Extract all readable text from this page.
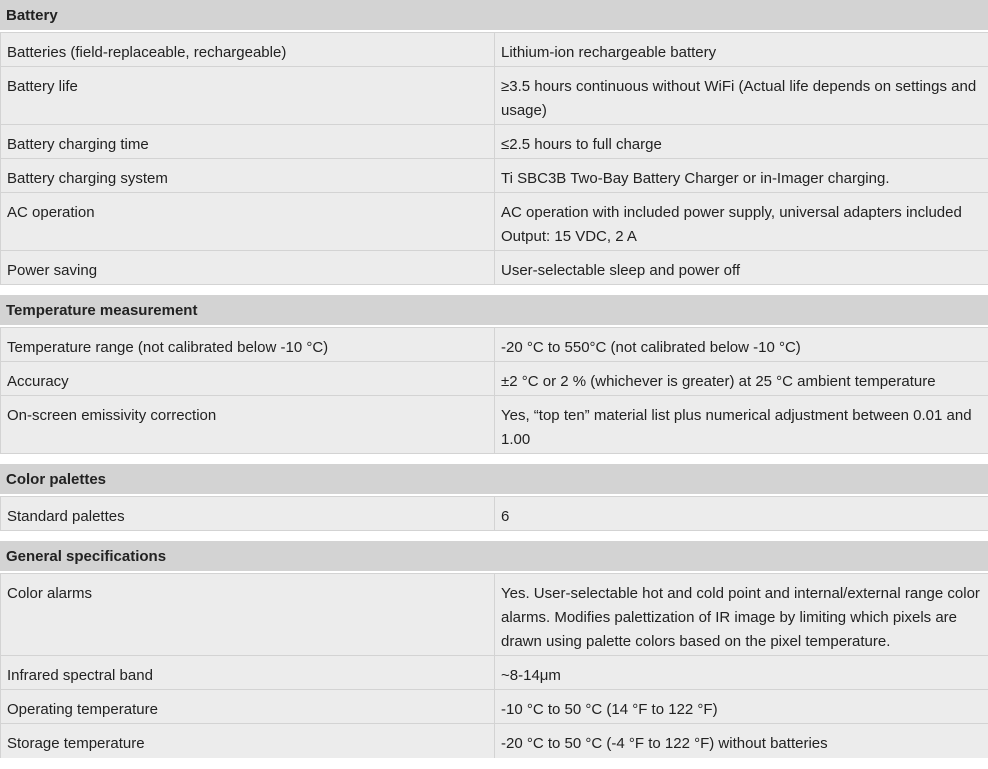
Battery
Batteries (field-replaceable, rechargeable)	Lithium-ion rechargeable battery
Battery life	≥3.5 hours continuous without WiFi (Actual life depends on settings and usage)
Battery charging time	≤2.5 hours to full charge
Battery charging system	Ti SBC3B Two-Bay Battery Charger or in-Imager charging.
AC operation	AC operation with included power supply, universal adapters included Output: 15 VDC, 2 A
Power saving	User-selectable sleep and power off
Temperature measurement
Temperature range (not calibrated below -10 °C)	-20 °C to 550°C (not calibrated below -10 °C)
Accuracy	±2 °C or 2 % (whichever is greater) at 25 °C ambient temperature
On-screen emissivity correction	Yes, “top ten” material list plus numerical adjustment between 0.01 and 1.00
Color palettes
Standard palettes	6
General specifications
Color alarms	Yes. User-selectable hot and cold point and internal/external range color alarms. Modifies palettization of IR image by limiting which pixels are drawn using palette colors based on the pixel temperature.
Infrared spectral band	~8-14μm
Operating temperature	-10 °C to 50 °C (14 °F to 122 °F)
Storage temperature	-20 °C to 50 °C (-4 °F to 122 °F) without batteries
